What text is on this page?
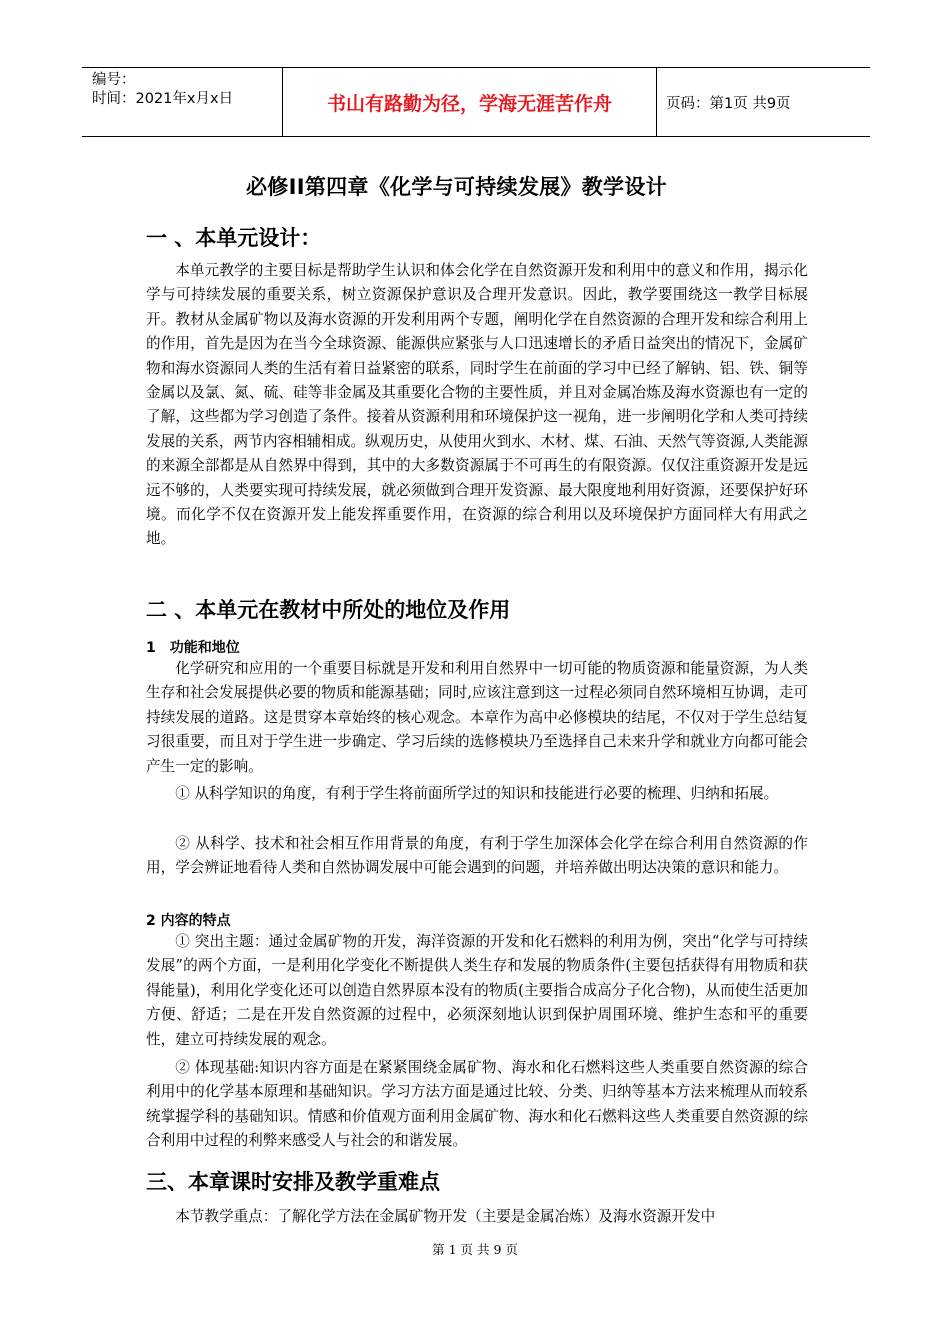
编号：
时间：2021年x月x日	书山有路勤为径，学海无涯苦作舟	页码：第1页 共9页
必修II第四章《化学与可持续发展》教学设计
一 、本单元设计：

本单元教学的主要目标是帮助学生认识和体会化学在自然资源开发和利用中的意义和作用，揭示化学与可持续发展的重要关系，树立资源保护意识及合理开发意识。因此，教学要围绕这一教学目标展开。教材从金属矿物以及海水资源的开发利用两个专题，阐明化学在自然资源的合理开发和综合利用上的作用，首先是因为在当今全球资源、能源供应紧张与人口迅速增长的矛盾日益突出的情况下，金属矿物和海水资源同人类的生活有着日益紧密的联系，同时学生在前面的学习中已经了解钠、铝、铁、铜等金属以及氯、氮、硫、硅等非金属及其重要化合物的主要性质，并且对金属冶炼及海水资源也有一定的了解，这些都为学习创造了条件。接着从资源利用和环境保护这一视角，进一步阐明化学和人类可持续发展的关系，两节内容相辅相成。纵观历史，从使用火到水、木材、煤、石油、天然气等资源,人类能源的来源全部都是从自然界中得到，其中的大多数资源属于不可再生的有限资源。仅仅注重资源开发是远远不够的，人类要实现可持续发展，就必须做到合理开发资源、最大限度地利用好资源，还要保护好环境。而化学不仅在资源开发上能发挥重要作用，在资源的综合利用以及环境保护方面同样大有用武之地。

二 、本单元在教材中所处的地位及作用
1　功能和地位

化学研究和应用的一个重要目标就是开发和利用自然界中一切可能的物质资源和能量资源，为人类生存和社会发展提供必要的物质和能源基础；同时,应该注意到这一过程必须同自然环境相互协调，走可持续发展的道路。这是贯穿本章始终的核心观念。本章作为高中必修模块的结尾，不仅对于学生总结复习很重要，而且对于学生进一步确定、学习后续的选修模块乃至选择自己未来升学和就业方向都可能会产生一定的影响。

① 从科学知识的角度，有利于学生将前面所学过的知识和技能进行必要的梳理、归纳和拓展。

② 从科学、技术和社会相互作用背景的角度，有利于学生加深体会化学在综合利用自然资源的作用，学会辨证地看待人类和自然协调发展中可能会遇到的问题，并培养做出明达决策的意识和能力。

2 内容的特点

① 突出主题：通过金属矿物的开发，海洋资源的开发和化石燃料的利用为例，突出“化学与可持续发展”的两个方面，一是利用化学变化不断提供人类生存和发展的物质条件(主要包括获得有用物质和获得能量)，利用化学变化还可以创造自然界原本没有的物质(主要指合成高分子化合物)，从而使生活更加方便、舒适；二是在开发自然资源的过程中，必须深刻地认识到保护周围环境、维护生态和平的重要性，建立可持续发展的观念。

② 体现基础:知识内容方面是在紧紧围绕金属矿物、海水和化石燃料这些人类重要自然资源的综合利用中的化学基本原理和基础知识。学习方法方面是通过比较、分类、归纳等基本方法来梳理从而较系统掌握学科的基础知识。情感和价值观方面利用金属矿物、海水和化石燃料这些人类重要自然资源的综合利用中过程的利弊来感受人与社会的和谐发展。

三、本章课时安排及教学重难点

本节教学重点：了解化学方法在金属矿物开发（主要是金属冶炼）及海水资源开发中

第 1 页 共 9 页
